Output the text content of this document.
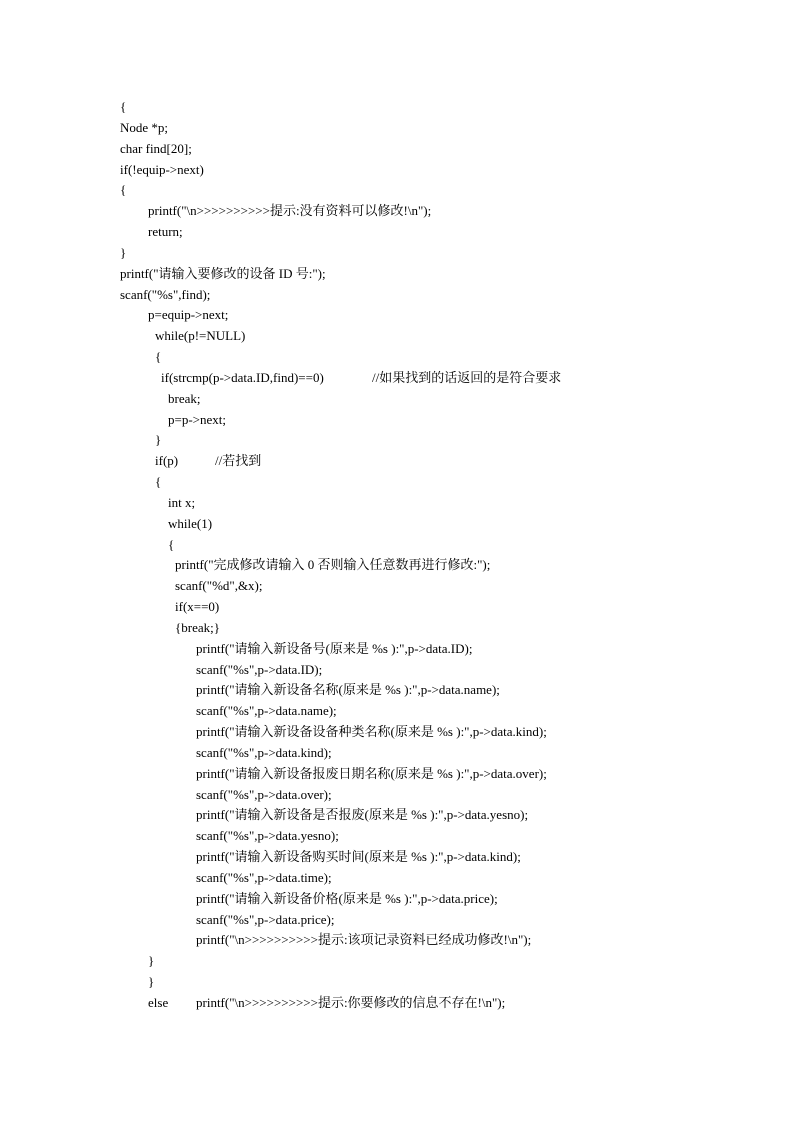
{
Node *p;
char find[20];
if(!equip->next)
{
printf("\n>>>>>>>>>>提示:没有资料可以修改!\n");
return;
}
printf("请输入要修改的设备 ID 号:");
scanf("%s",find);
p=equip->next;
while(p!=NULL)
{
if(strcmp(p->data.ID,find)==0)	//如果找到的话返回的是符合要求
break;
p=p->next;
}
if(p)	//若找到
{
int x;
while(1)
{
printf("完成修改请输入 0 否则输入任意数再进行修改:");
scanf("%d",&x);
if(x==0)
{break;}
printf("请输入新设备号(原来是 %s ):",p->data.ID);
scanf("%s",p->data.ID);
printf("请输入新设备名称(原来是 %s ):",p->data.name);
scanf("%s",p->data.name);
printf("请输入新设备设备种类名称(原来是 %s ):",p->data.kind);
scanf("%s",p->data.kind);
printf("请输入新设备报废日期名称(原来是 %s ):",p->data.over);
scanf("%s",p->data.over);
printf("请输入新设备是否报废(原来是 %s ):",p->data.yesno);
scanf("%s",p->data.yesno);
printf("请输入新设备购买时间(原来是 %s ):",p->data.kind);
scanf("%s",p->data.time);
printf("请输入新设备价格(原来是 %s ):",p->data.price);
scanf("%s",p->data.price);
printf("\n>>>>>>>>>>提示:该项记录资料已经成功修改!\n");
}
}
else printf("\n>>>>>>>>>>提示:你要修改的信息不存在!\n");
